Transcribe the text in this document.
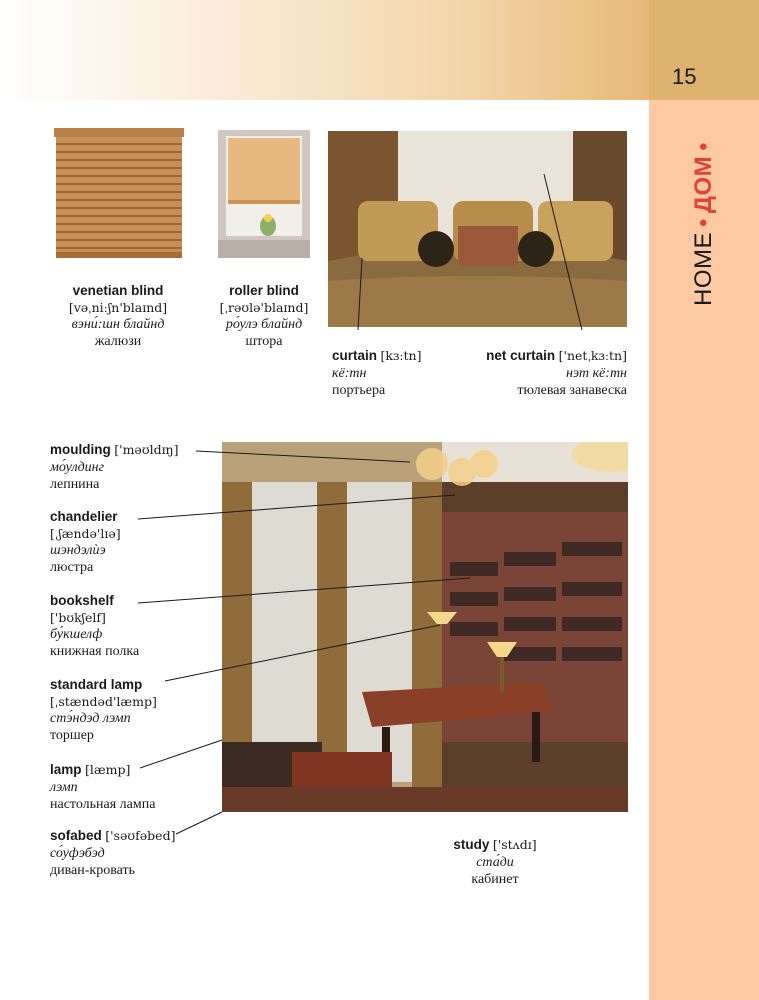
15
HOME•ДОМ•
venetian blind
[vəˌniːʃn'blaɪnd]
вэни́:шн блайнд
жалюзи
roller blind
[ˌrəʊlə'blaɪnd]
ро́улэ блайнд
штора
curtain [kɜːtn]
кё:тн
портьера
net curtain ['netˌkɜːtn]
нэт кё:тн
тюлевая занавеска
moulding ['məʊldɪŋ]
мо́улдинг
лепнина
chandelier
[ˌʃændə'lɪə]
шэндэлѝэ
люстра
bookshelf
['bʊkʃelf]
бу́кшелф
книжная полка
standard lamp
[ˌstændəd'læmp]
стэ́ндэд лэмп
торшер
lamp [læmp]
лэмп
настольная лампа
sofabed ['səʊfəbed]
со́уфэбэд
диван-кровать
study ['stʌdɪ]
ста́ди
кабинет
